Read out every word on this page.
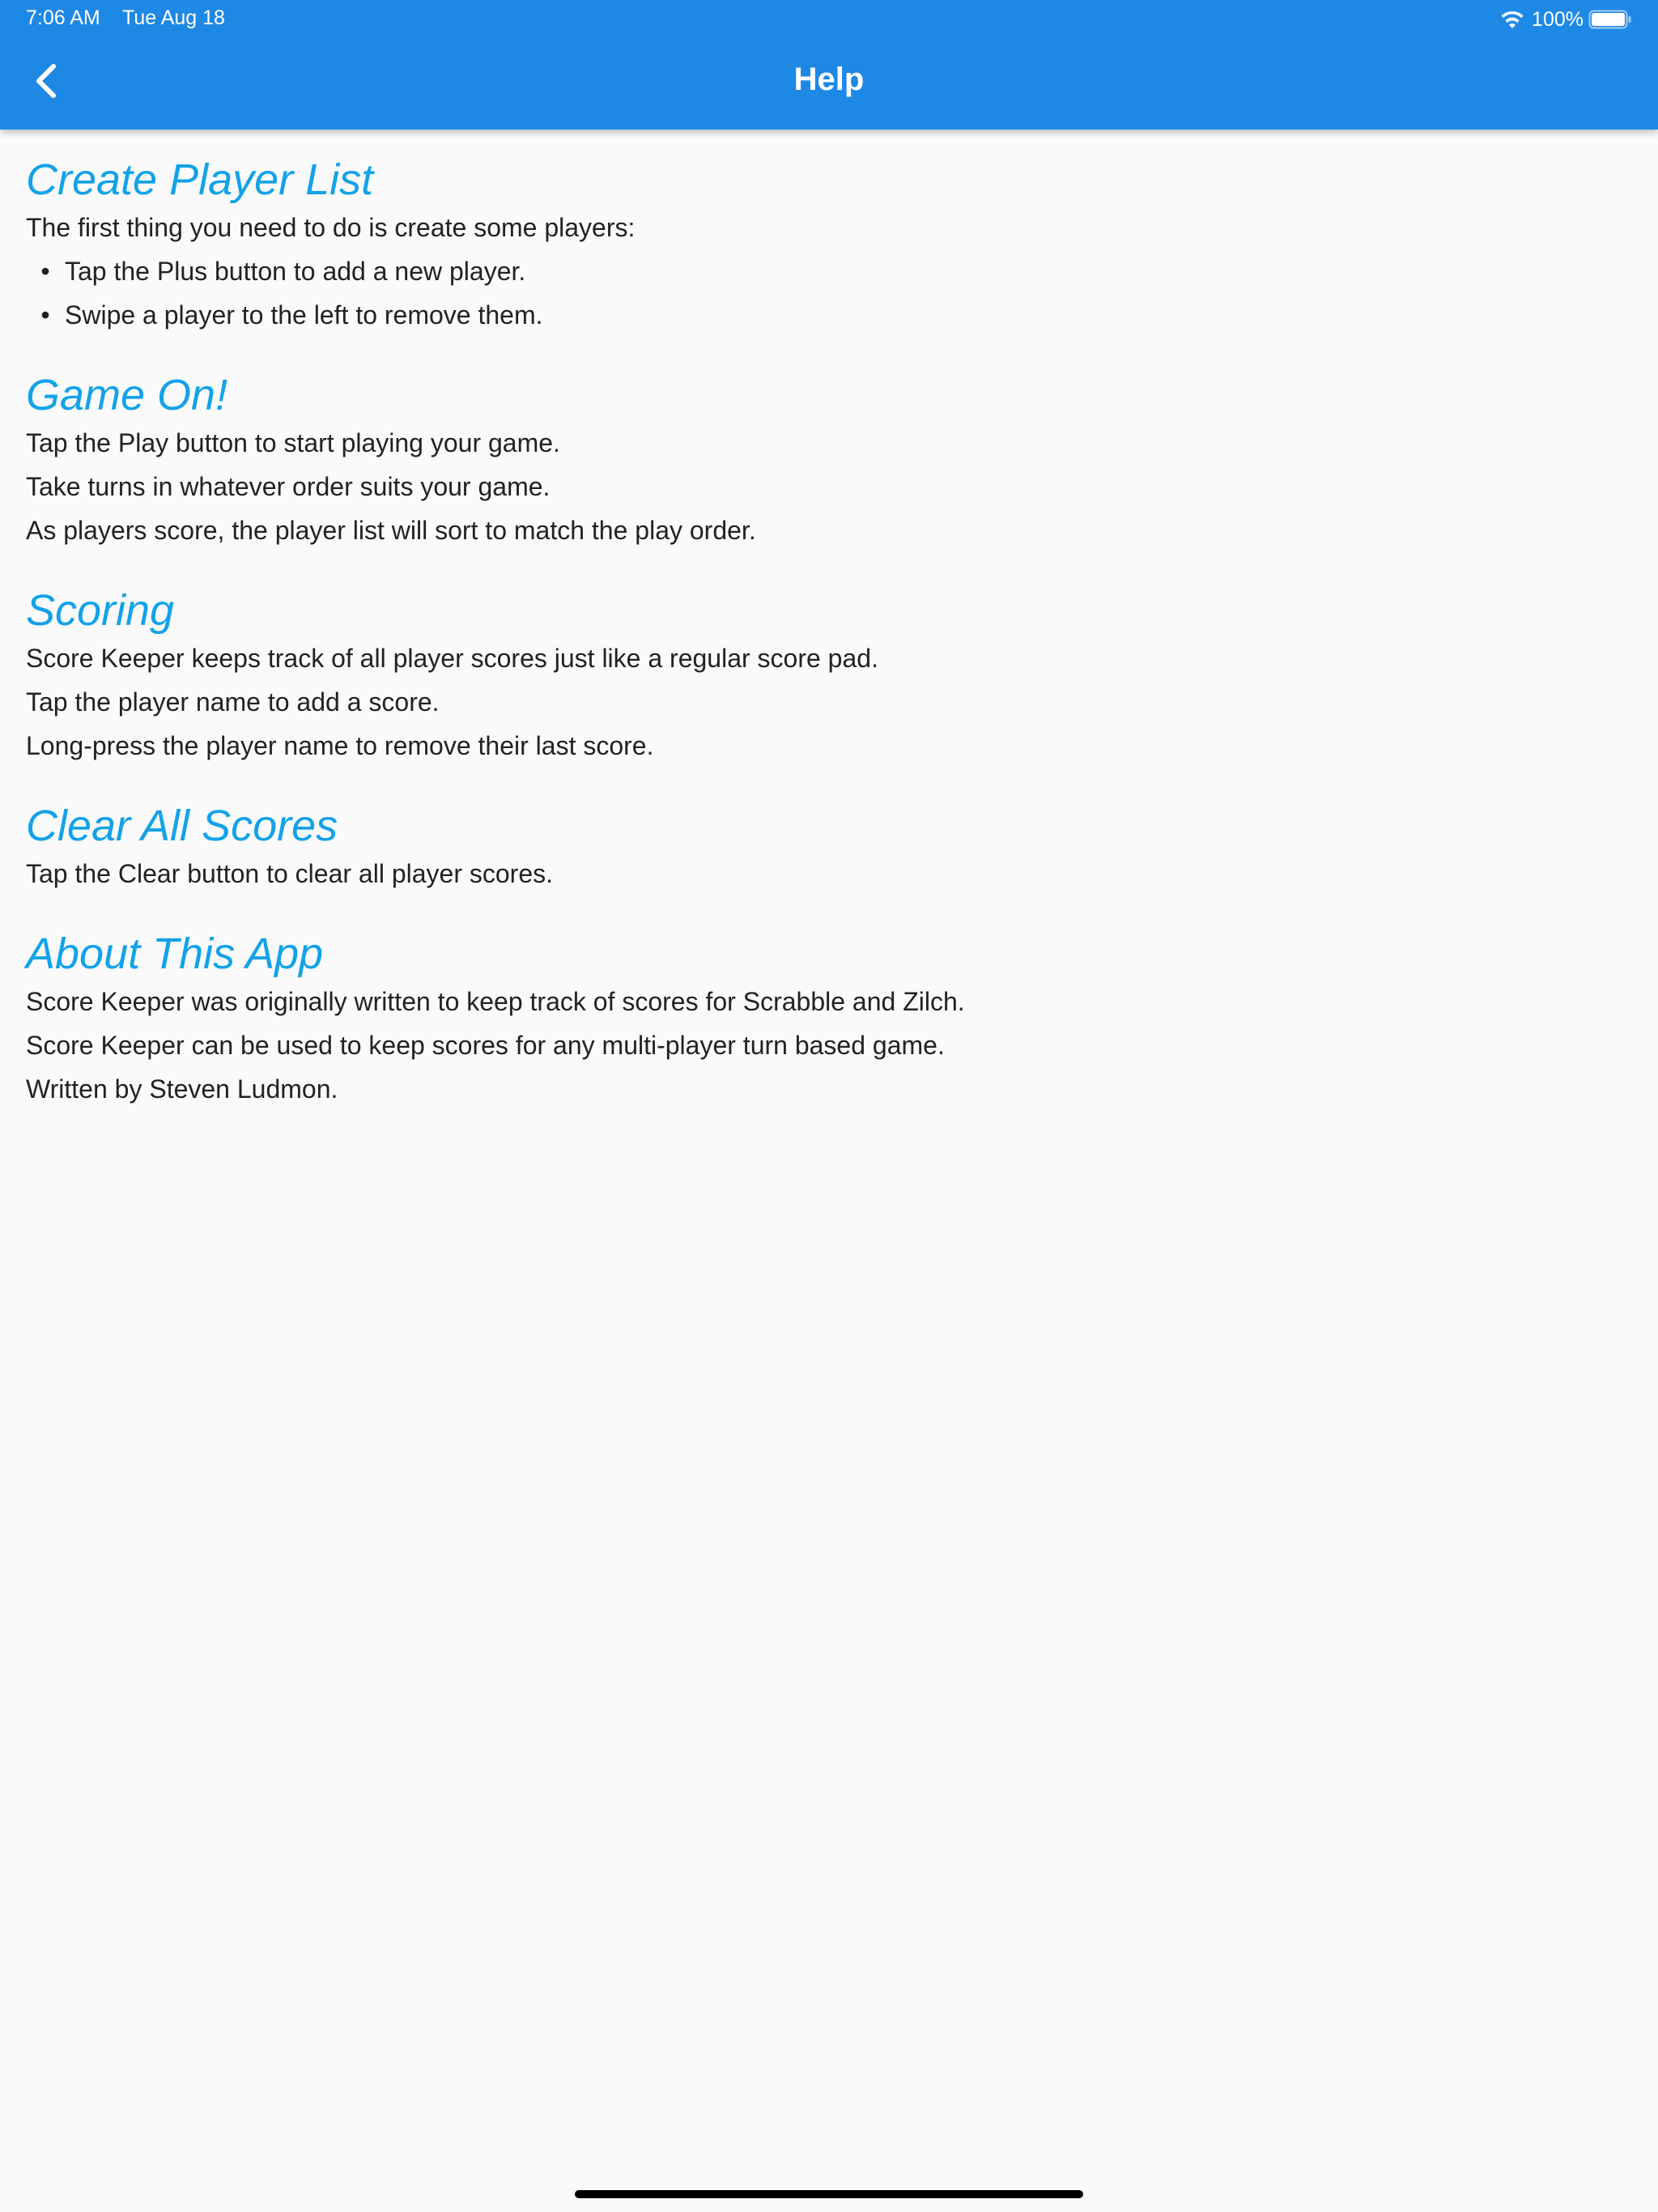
7:06 AM Tue Aug 18	100%
Help
Create Player List

The first thing you need to do is create some players:

• Tap the Plus button to add a new player.
• Swipe a player to the left to remove them.
Game On!

Tap the Play button to start playing your game.

Take turns in whatever order suits your game.

As players score, the player list will sort to match the play order.

Scoring

Score Keeper keeps track of all player scores just like a regular score pad.

Tap the player name to add a score.

Long-press the player name to remove their last score.

Clear All Scores

Tap the Clear button to clear all player scores.

About This App

Score Keeper was originally written to keep track of scores for Scrabble and Zilch.

Score Keeper can be used to keep scores for any multi-player turn based game.

Written by Steven Ludmon.
